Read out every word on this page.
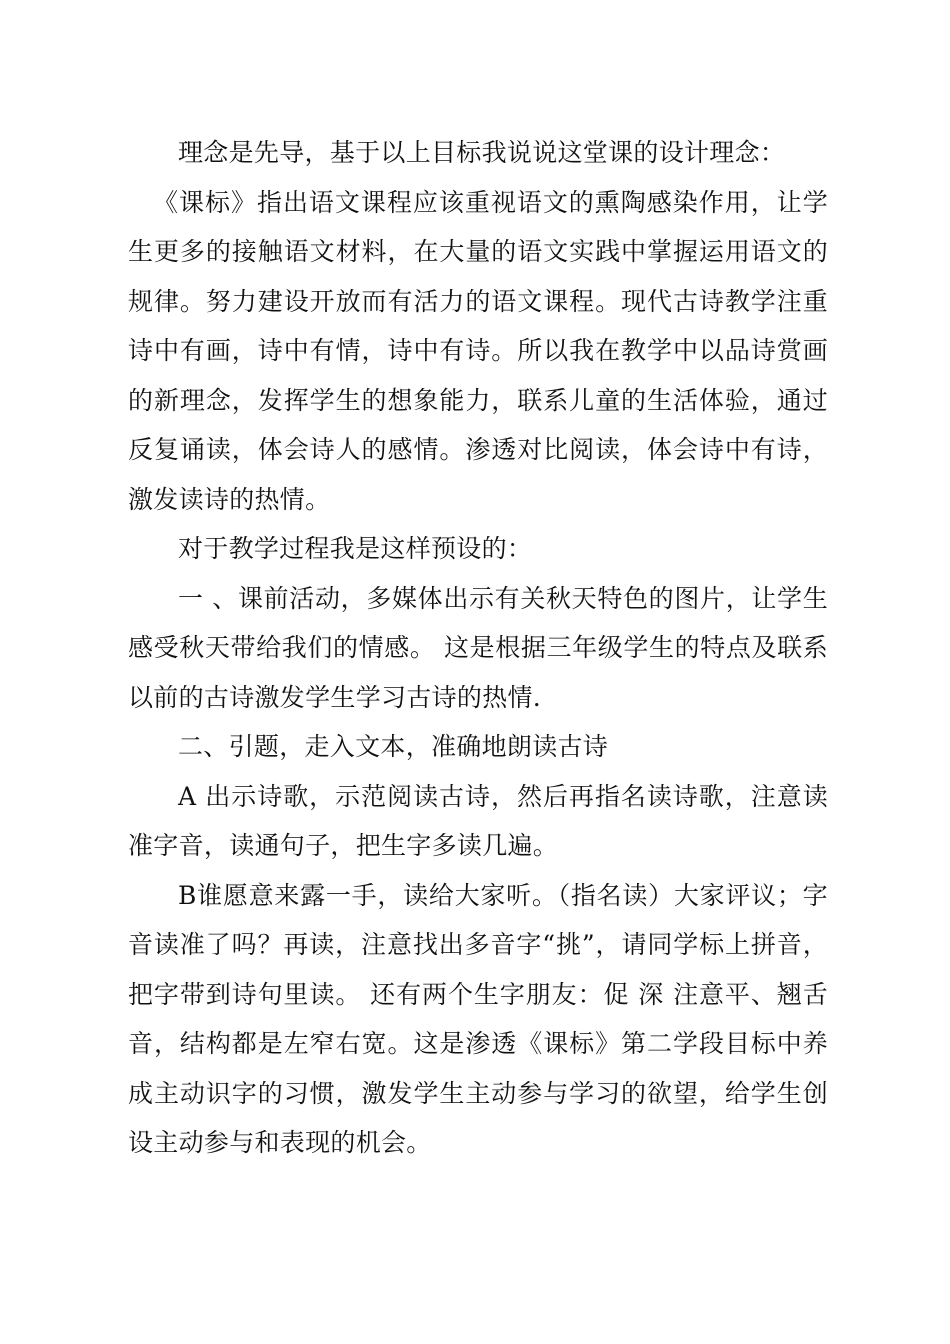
理念是先导，基于以上目标我说说这堂课的设计理念：

《课标》指出语文课程应该重视语文的熏陶感染作用，让学生更多的接触语文材料，在大量的语文实践中掌握运用语文的规律。努力建设开放而有活力的语文课程。现代古诗教学注重诗中有画，诗中有情，诗中有诗。所以我在教学中以品诗赏画的新理念，发挥学生的想象能力，联系儿童的生活体验，通过反复诵读，体会诗人的感情。渗透对比阅读，体会诗中有诗，激发读诗的热情。

对于教学过程我是这样预设的：

一 、课前活动，多媒体出示有关秋天特色的图片，让学生感受秋天带给我们的情感。 这是根据三年级学生的特点及联系以前的古诗激发学生学习古诗的热情.

二、引题，走入文本，准确地朗读古诗

A 出示诗歌，示范阅读古诗，然后再指名读诗歌，注意读准字音，读通句子，把生字多读几遍。

B谁愿意来露一手，读给大家听。（指名读）大家评议；字音读准了吗？再读，注意找出多音字“挑”，请同学标上拼音，把字带到诗句里读。 还有两个生字朋友：促 深 注意平、翘舌音，结构都是左窄右宽。这是渗透《课标》第二学段目标中养成主动识字的习惯，激发学生主动参与学习的欲望，给学生创设主动参与和表现的机会。
